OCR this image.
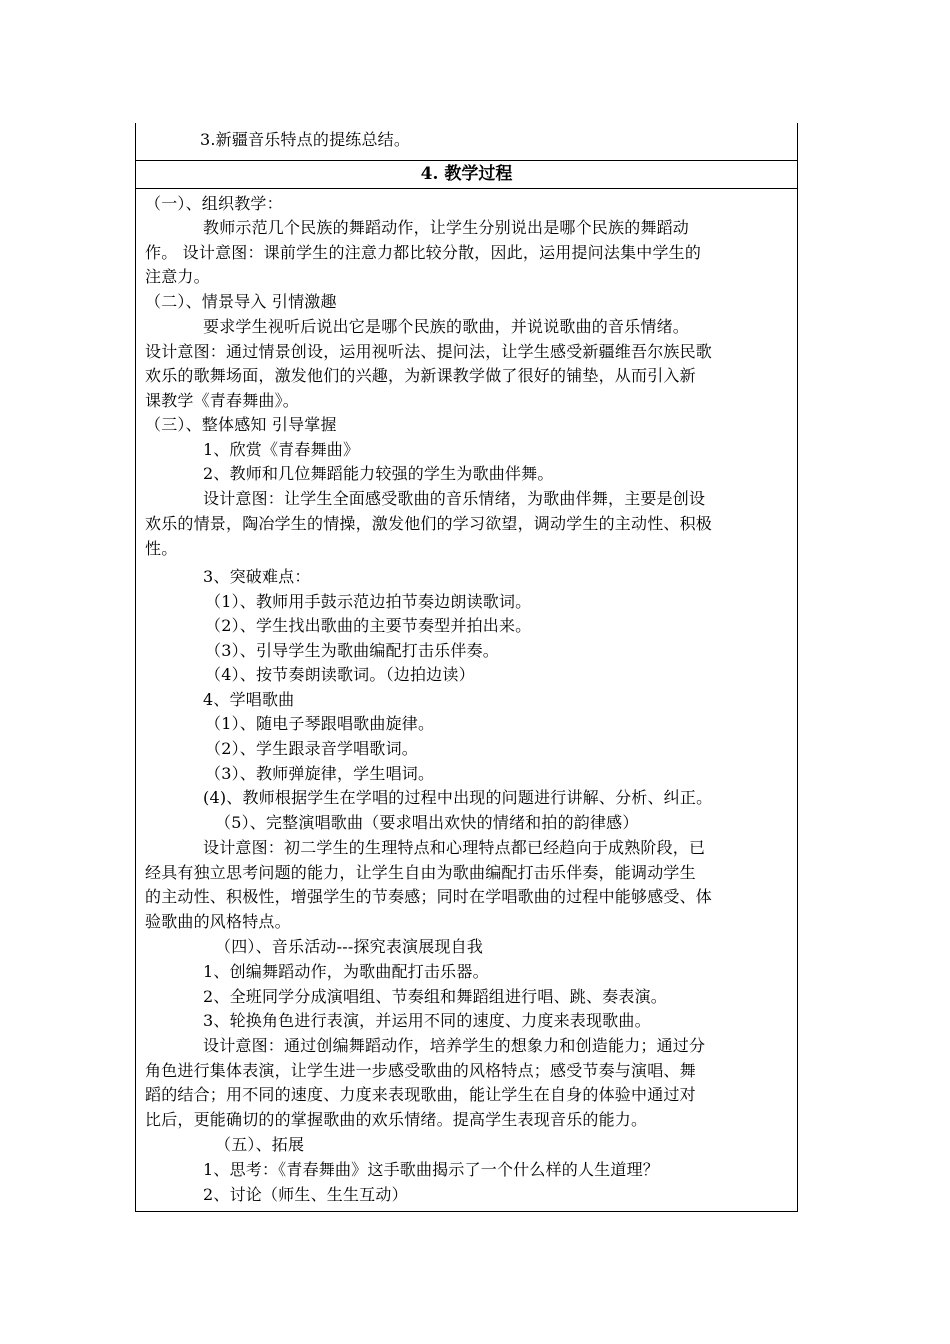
3.新疆音乐特点的提练总结。
4. 教学过程
（一）、组织教学：
教师示范几个民族的舞蹈动作，让学生分别说出是哪个民族的舞蹈动
作。 设计意图：课前学生的注意力都比较分散，因此，运用提问法集中学生的
注意力。
（二）、情景导入 引情激趣
要求学生视听后说出它是哪个民族的歌曲，并说说歌曲的音乐情绪。
设计意图：通过情景创设，运用视听法、提问法，让学生感受新疆维吾尔族民歌
欢乐的歌舞场面，激发他们的兴趣，为新课教学做了很好的铺垫，从而引入新
课教学《青春舞曲》。
（三）、整体感知 引导掌握
1、欣赏《青春舞曲》
2、教师和几位舞蹈能力较强的学生为歌曲伴舞。
设计意图：让学生全面感受歌曲的音乐情绪，为歌曲伴舞，主要是创设
欢乐的情景，陶冶学生的情操，激发他们的学习欲望，调动学生的主动性、积极
性。
3、突破难点：
（1）、教师用手鼓示范边拍节奏边朗读歌词。
（2）、学生找出歌曲的主要节奏型并拍出来。
（3）、引导学生为歌曲编配打击乐伴奏。
（4）、按节奏朗读歌词。（边拍边读）
4、学唱歌曲
（1）、随电子琴跟唱歌曲旋律。
（2）、学生跟录音学唱歌词。
（3）、教师弹旋律，学生唱词。
(4)、教师根据学生在学唱的过程中出现的问题进行讲解、分析、纠正。
（5）、完整演唱歌曲（要求唱出欢快的情绪和拍的韵律感）
设计意图：初二学生的生理特点和心理特点都已经趋向于成熟阶段，已
经具有独立思考问题的能力，让学生自由为歌曲编配打击乐伴奏，能调动学生
的主动性、积极性，增强学生的节奏感；同时在学唱歌曲的过程中能够感受、体
验歌曲的风格特点。
（四）、音乐活动---探究表演展现自我
1、创编舞蹈动作，为歌曲配打击乐器。
2、全班同学分成演唱组、节奏组和舞蹈组进行唱、跳、奏表演。
3、轮换角色进行表演，并运用不同的速度、力度来表现歌曲。
设计意图：通过创编舞蹈动作，培养学生的想象力和创造能力；通过分
角色进行集体表演，让学生进一步感受歌曲的风格特点；感受节奏与演唱、舞
蹈的结合；用不同的速度、力度来表现歌曲，能让学生在自身的体验中通过对
比后，更能确切的的掌握歌曲的欢乐情绪。提高学生表现音乐的能力。
（五）、拓展
1、思考：《青春舞曲》这手歌曲揭示了一个什么样的人生道理？
2、讨论（师生、生生互动）
